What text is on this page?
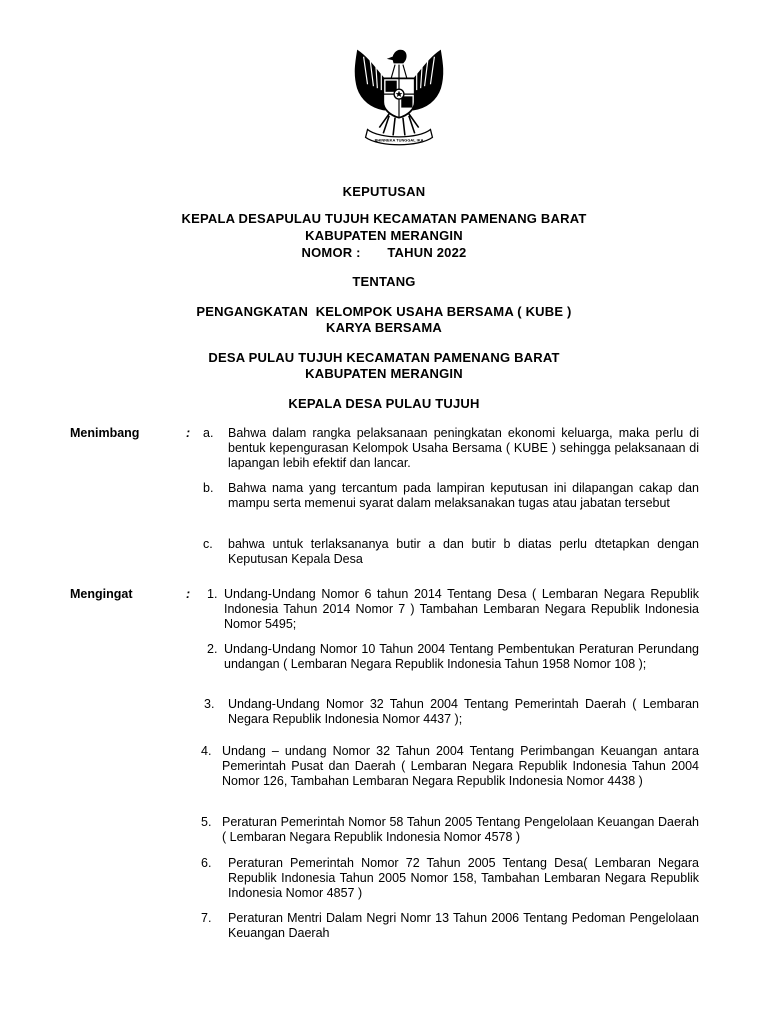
BHINNEKA TUNGGAL IKA
KEPUTUSAN
KEPALA DESAPULAU TUJUH KECAMATAN PAMENANG BARAT
KABUPATEN MERANGIN
NOMOR :       TAHUN 2022
TENTANG
PENGANGKATAN  KELOMPOK USAHA BERSAMA ( KUBE )
KARYA BERSAMA
DESA PULAU TUJUH KECAMATAN PAMENANG BARAT
KABUPATEN MERANGIN
KEPALA DESA PULAU TUJUH
Menimbang	: a. Bahwa dalam rangka pelaksanaan peningkatan ekonomi keluarga, maka perlu di bentuk kepengurasan Kelompok Usaha Bersama ( KUBE ) sehingga pelaksanaan di lapangan lebih efektif dan lancar.
b. Bahwa nama yang tercantum pada lampiran keputusan ini dilapangan cakap dan mampu serta memenui syarat dalam melaksanakan tugas atau jabatan tersebut
c. bahwa untuk terlaksananya butir a dan butir b diatas perlu dtetapkan dengan Keputusan Kepala Desa
Mengingat	: 1. Undang-Undang Nomor 6 tahun 2014 Tentang Desa ( Lembaran Negara Republik Indonesia Tahun 2014 Nomor 7 ) Tambahan Lembaran Negara Republik Indonesia Nomor 5495;
2. Undang-Undang Nomor 10 Tahun 2004 Tentang Pembentukan Peraturan Perundang undangan ( Lembaran Negara Republik Indonesia Tahun 1958 Nomor 108 );
3. Undang-Undang Nomor 32 Tahun 2004 Tentang Pemerintah Daerah ( Lembaran Negara Republik Indonesia Nomor 4437 );
4. Undang – undang Nomor 32 Tahun 2004 Tentang Perimbangan Keuangan antara Pemerintah Pusat dan Daerah ( Lembaran Negara Republik Indonesia Tahun 2004 Nomor 126, Tambahan Lembaran Negara Republik Indonesia Nomor 4438 )
5. Peraturan Pemerintah Nomor 58 Tahun 2005 Tentang Pengelolaan Keuangan Daerah ( Lembaran Negara Republik Indonesia Nomor 4578 )
6. Peraturan Pemerintah Nomor 72 Tahun 2005 Tentang Desa( Lembaran Negara Republik Indonesia Tahun 2005 Nomor 158, Tambahan Lembaran Negara Republik Indonesia Nomor 4857 )
7. Peraturan Mentri Dalam Negri Nomr 13 Tahun 2006 Tentang Pedoman Pengelolaan Keuangan Daerah
